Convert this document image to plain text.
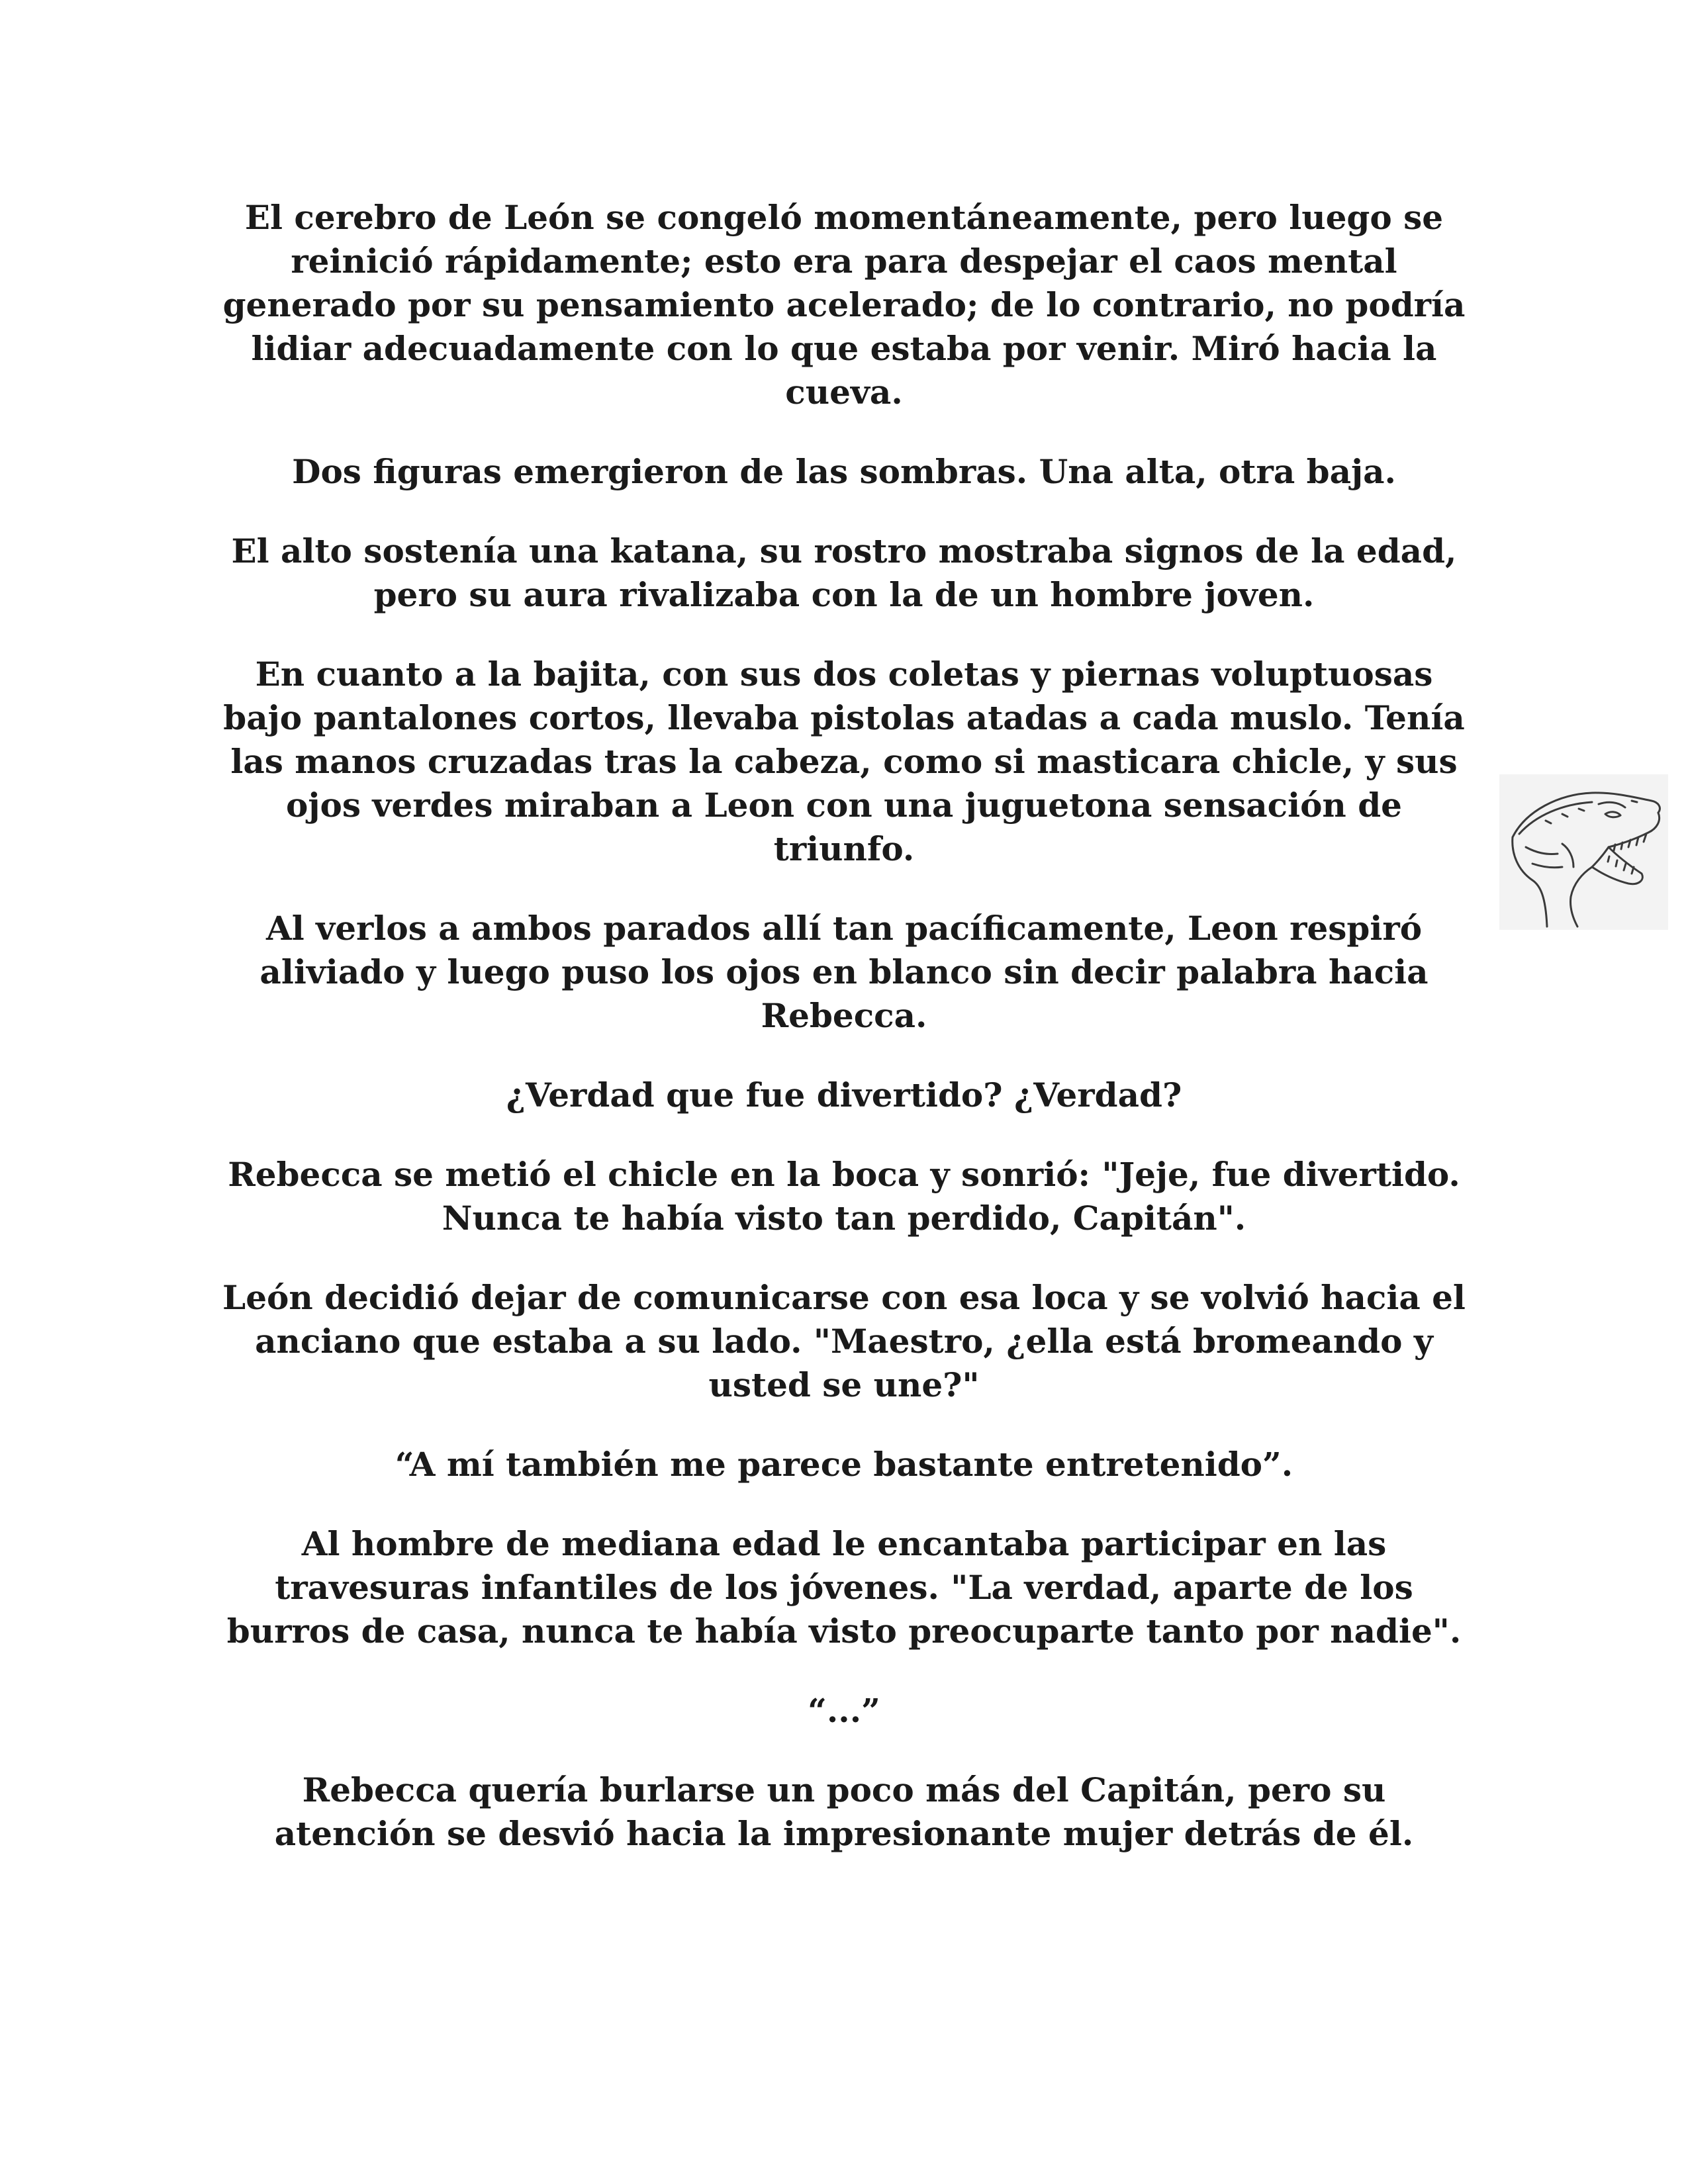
El cerebro de León se congeló momentáneamente, pero luego se reinició rápidamente; esto era para despejar el caos mental generado por su pensamiento acelerado; de lo contrario, no podría lidiar adecuadamente con lo que estaba por venir. Miró hacia la cueva.

Dos figuras emergieron de las sombras. Una alta, otra baja.

El alto sostenía una katana, su rostro mostraba signos de la edad, pero su aura rivalizaba con la de un hombre joven.

En cuanto a la bajita, con sus dos coletas y piernas voluptuosas bajo pantalones cortos, llevaba pistolas atadas a cada muslo. Tenía las manos cruzadas tras la cabeza, como si masticara chicle, y sus ojos verdes miraban a Leon con una juguetona sensación de triunfo.

Al verlos a ambos parados allí tan pacíficamente, Leon respiró aliviado y luego puso los ojos en blanco sin decir palabra hacia Rebecca.

¿Verdad que fue divertido? ¿Verdad?

Rebecca se metió el chicle en la boca y sonrió: "Jeje, fue divertido. Nunca te había visto tan perdido, Capitán".

León decidió dejar de comunicarse con esa loca y se volvió hacia el anciano que estaba a su lado. "Maestro, ¿ella está bromeando y usted se une?"

“A mí también me parece bastante entretenido”.

Al hombre de mediana edad le encantaba participar en las travesuras infantiles de los jóvenes. "La verdad, aparte de los burros de casa, nunca te había visto preocuparte tanto por nadie".

“...”

Rebecca quería burlarse un poco más del Capitán, pero su atención se desvió hacia la impresionante mujer detrás de él.
